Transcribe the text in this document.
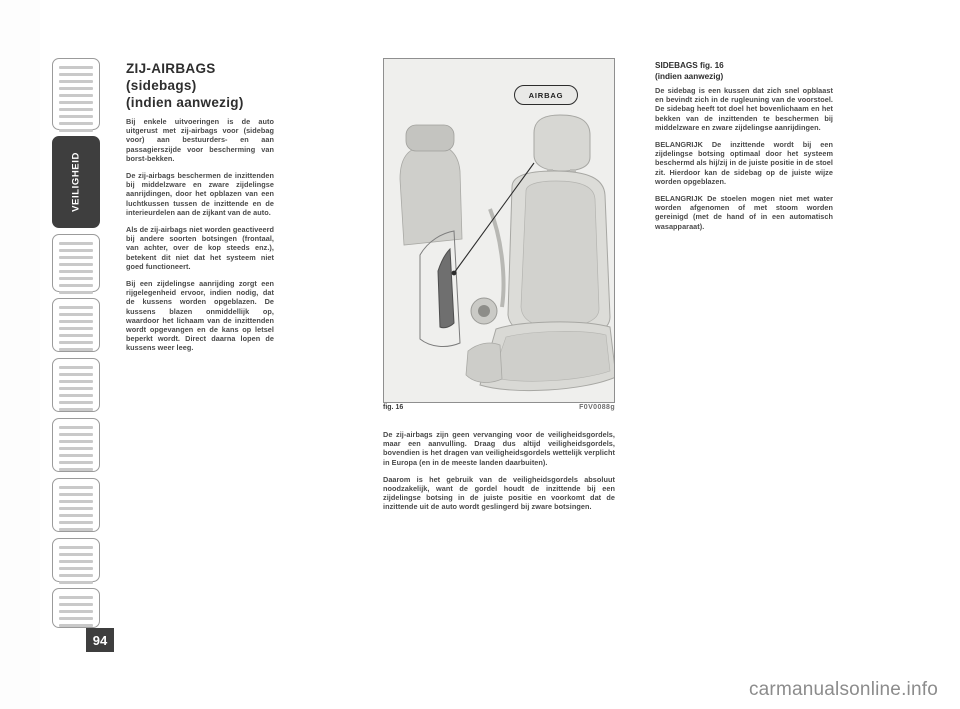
VEILIGHEID
94
ZIJ-AIRBAGS
(sidebags)
(indien aanwezig)

Bij enkele uitvoeringen is de auto uitgerust met zij-airbags voor (sidebag voor) aan bestuurders- en aan passagierszijde voor bescherming van borst-bekken.

De zij-airbags beschermen de inzittenden bij middelzware en zware zijdelingse aanrijdingen, door het opblazen van een luchtkussen tussen de inzittende en de interieurdelen aan de zijkant van de auto.

Als de zij-airbags niet worden geactiveerd bij andere soorten botsingen (frontaal, van achter, over de kop steeds enz.), betekent dit niet dat het systeem niet goed functioneert.

Bij een zijdelingse aanrijding zorgt een rijgelegenheid ervoor, indien nodig, dat de kussens worden opgeblazen. De kussens blazen onmiddellijk op, waardoor het lichaam van de inzittenden wordt opgevangen en de kans op letsel beperkt wordt. Direct daarna lopen de kussens weer leeg.

AIRBAG
fig. 16	F0V0088g

De zij-airbags zijn geen vervanging voor de veiligheidsgordels, maar een aanvulling. Draag dus altijd veiligheidsgordels, bovendien is het dragen van veiligheidsgordels wettelijk verplicht in Europa (en in de meeste landen daarbuiten).

Daarom is het gebruik van de veiligheidsgordels absoluut noodzakelijk, want de gordel houdt de inzittende bij een zijdelingse botsing in de juiste positie en voorkomt dat de inzittende uit de auto wordt geslingerd bij zware botsingen.

SIDEBAGS fig. 16
(indien aanwezig)

De sidebag is een kussen dat zich snel opblaast en bevindt zich in de rugleuning van de voorstoel. De sidebag heeft tot doel het bovenlichaam en het bekken van de inzittenden te beschermen bij middelzware en zware zijdelingse aanrijdingen.

BELANGRIJK De inzittende wordt bij een zijdelingse botsing optimaal door het systeem beschermd als hij/zij in de juiste positie in de stoel zit. Hierdoor kan de sidebag op de juiste wijze worden opgeblazen.

BELANGRIJK De stoelen mogen niet met water worden afgenomen of met stoom worden gereinigd (met de hand of in een automatisch wasapparaat).

carmanualsonline.info
